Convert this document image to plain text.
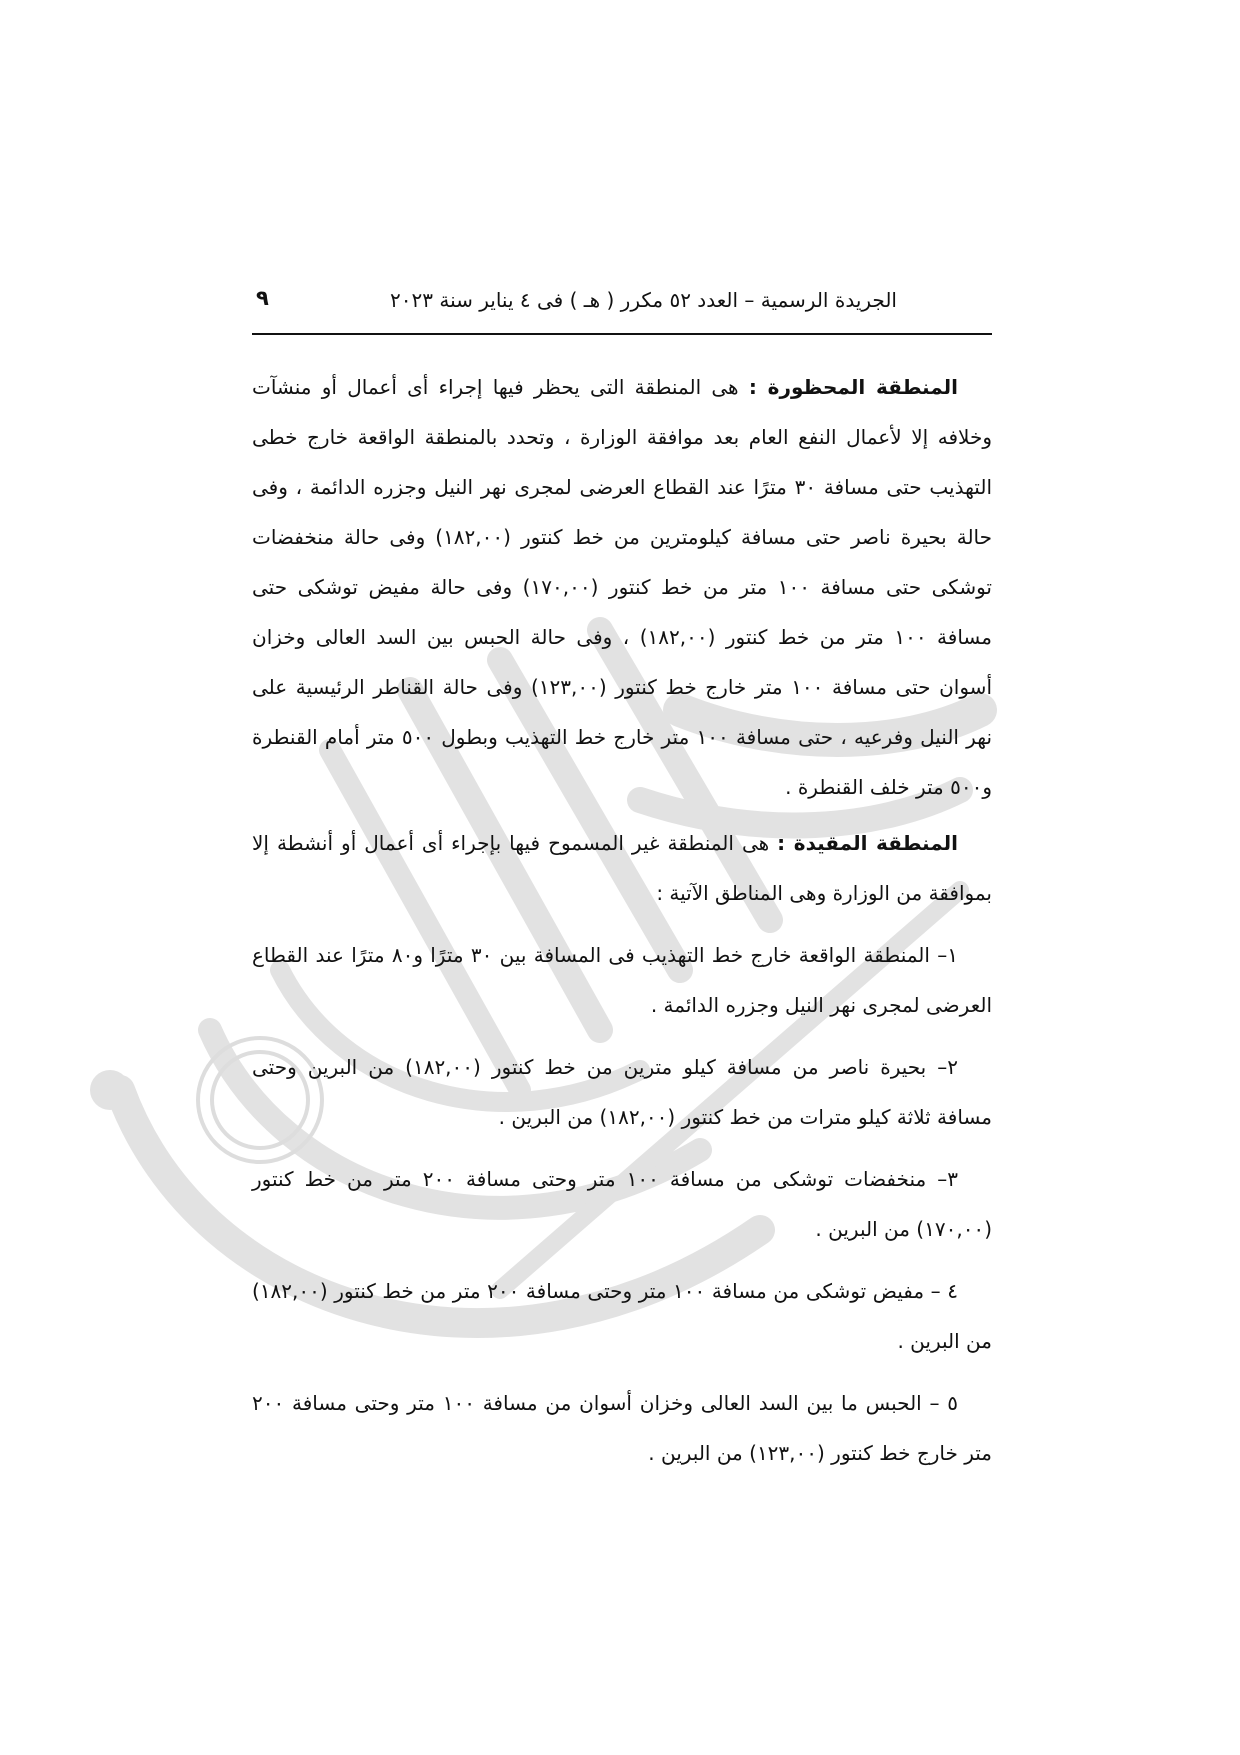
الجريدة الرسمية – العدد ٥٢ مكرر ( هـ ) فى ٤ يناير سنة ٢٠٢٣
٩

المنطقة المحظورة : هى المنطقة التى يحظر فيها إجراء أى أعمال أو منشآت وخلافه إلا لأعمال النفع العام بعد موافقة الوزارة ، وتحدد بالمنطقة الواقعة خارج خطى التهذيب حتى مسافة ٣٠ مترًا عند القطاع العرضى لمجرى نهر النيل وجزره الدائمة ، وفى حالة بحيرة ناصر حتى مسافة كيلومترين من خط كنتور (١٨٢,٠٠) وفى حالة منخفضات توشكى حتى مسافة ١٠٠ متر من خط كنتور (١٧٠,٠٠) وفى حالة مفيض توشكى حتى مسافة ١٠٠ متر من خط كنتور (١٨٢,٠٠) ، وفى حالة الحبس بين السد العالى وخزان أسوان حتى مسافة ١٠٠ متر خارج خط كنتور (١٢٣,٠٠) وفى حالة القناطر الرئيسية على نهر النيل وفرعيه ، حتى مسافة ١٠٠ متر خارج خط التهذيب وبطول ٥٠٠ متر أمام القنطرة و٥٠٠ متر خلف القنطرة .

المنطقة المقيدة : هى المنطقة غير المسموح فيها بإجراء أى أعمال أو أنشطة إلا بموافقة من الوزارة وهى المناطق الآتية :

١– المنطقة الواقعة خارج خط التهذيب فى المسافة بين ٣٠ مترًا و٨٠ مترًا عند القطاع العرضى لمجرى نهر النيل وجزره الدائمة .

٢– بحيرة ناصر من مسافة كيلو مترين من خط كنتور (١٨٢,٠٠) من البرين وحتى مسافة ثلاثة كيلو مترات من خط كنتور (١٨٢,٠٠) من البرين .

٣– منخفضات توشكى من مسافة ١٠٠ متر وحتى مسافة ٢٠٠ متر من خط كنتور (١٧٠,٠٠) من البرين .

٤ – مفيض توشكى من مسافة ١٠٠ متر وحتى مسافة ٢٠٠ متر من خط كنتور (١٨٢,٠٠) من البرين .

٥ – الحبس ما بين السد العالى وخزان أسوان من مسافة ١٠٠ متر وحتى مسافة ٢٠٠ متر خارج خط كنتور (١٢٣,٠٠) من البرين .
